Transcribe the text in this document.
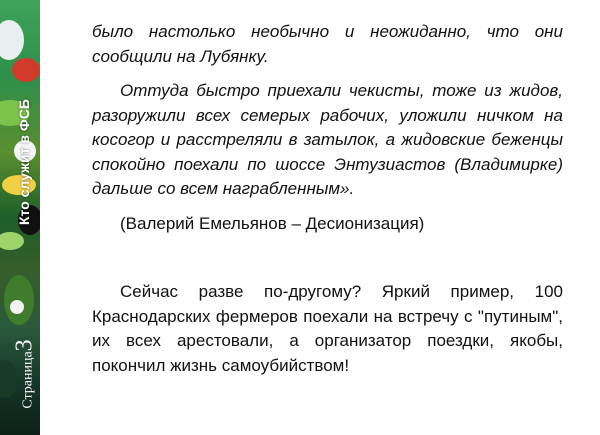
Кто служит в ФСБ
Страница3

было настолько необычно и неожиданно, что они сообщили на Лубянку.

Оттуда быстро приехали чекисты, тоже из жидов, разоружили всех семерых рабочих, уложили ничком на косогор и расстреляли в затылок, а жидовские беженцы спокойно поехали по шоссе Энтузиастов (Владимирке) дальше со всем награбленным».

(Валерий Емельянов – Десионизация)

Сейчас разве по-другому? Яркий пример, 100 Краснодарских фермеров поехали на встречу с "путиным", их всех арестовали, а организатор поездки, якобы, покончил жизнь самоубийством!
